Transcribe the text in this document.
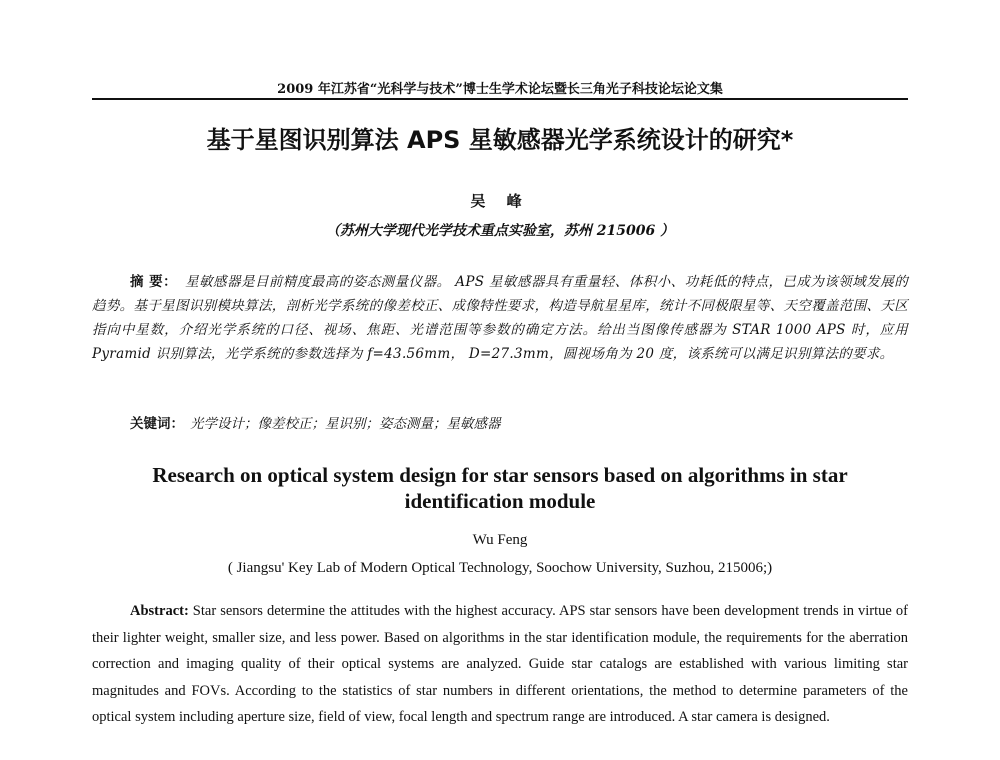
2009 年江苏省“光科学与技术”博士生学术论坛暨长三角光子科技论坛论文集
基于星图识别算法 APS 星敏感器光学系统设计的研究*
吴 峰
（苏州大学现代光学技术重点实验室，苏州 215006 ）
摘 要： 星敏感器是目前精度最高的姿态测量仪器。 APS 星敏感器具有重量轻、体积小、功耗低的特点，已成为该领域发展的趋势。基于星图识别模块算法，剖析光学系统的像差校正、成像特性要求，构造导航星星库，统计不同极限星等、天空覆盖范围、天区指向中星数，介绍光学系统的口径、视场、焦距、光谱范围等参数的确定方法。给出当图像传感器为 STAR 1000 APS 时，应用 Pyramid 识别算法，光学系统的参数选择为 f=43.56mm， D=27.3mm，圆视场角为 20 度，该系统可以满足识别算法的要求。
关键词： 光学设计；像差校正；星识别；姿态测量；星敏感器
Research on optical system design for star sensors based on algorithms in star identification module
Wu Feng
( Jiangsu' Key Lab of Modern Optical Technology, Soochow University, Suzhou, 215006;)
Abstract: Star sensors determine the attitudes with the highest accuracy. APS star sensors have been development trends in virtue of their lighter weight, smaller size, and less power. Based on algorithms in the star identification module, the requirements for the aberration correction and imaging quality of their optical systems are analyzed. Guide star catalogs are established with various limiting star magnitudes and FOVs. According to the statistics of star numbers in different orientations, the method to determine parameters of the optical system including aperture size, field of view, focal length and spectrum range are introduced. A star camera is designed.
